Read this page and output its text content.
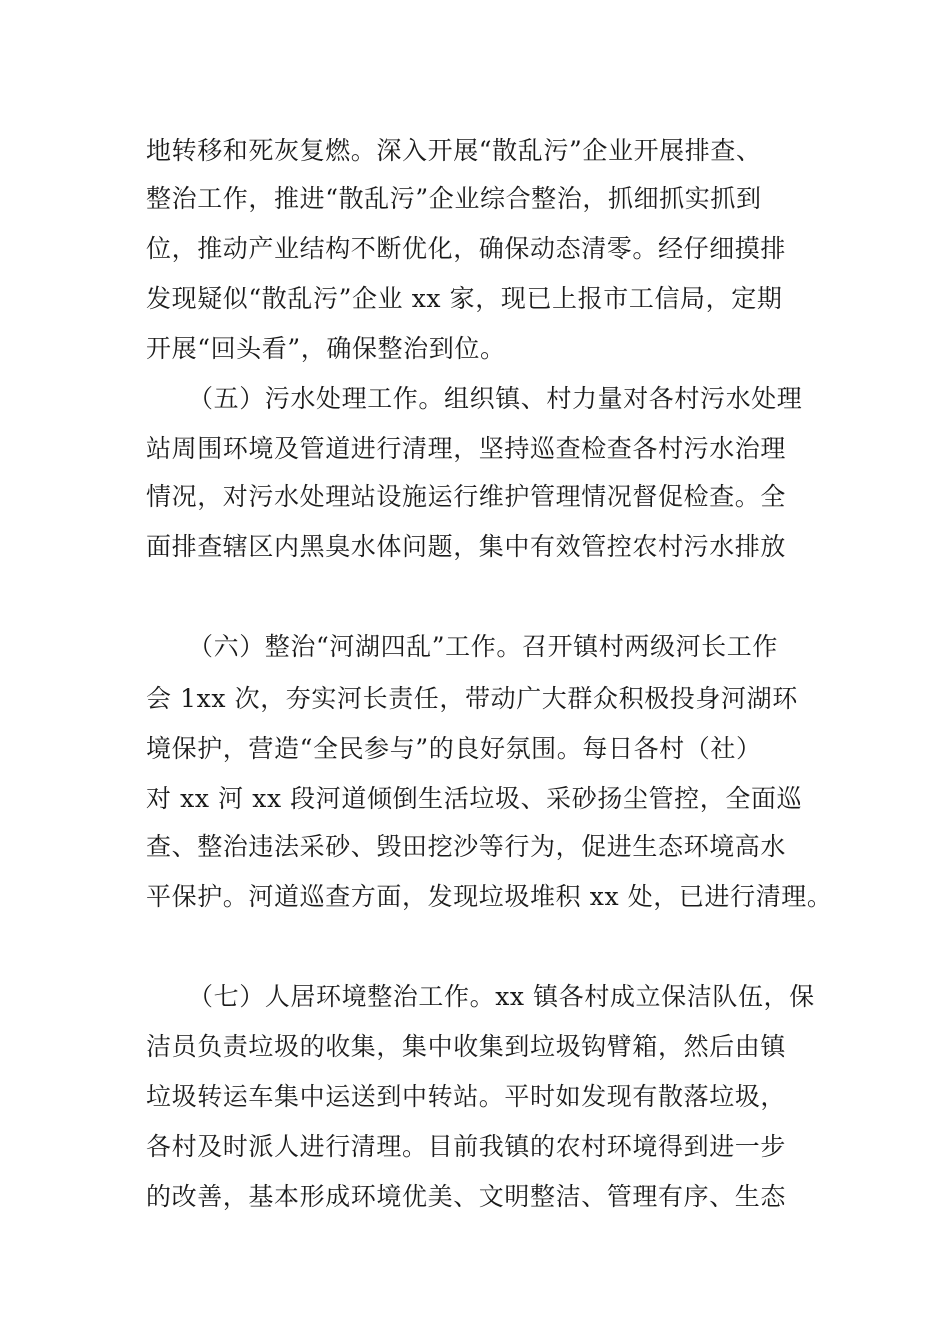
地转移和死灰复燃。深入开展“散乱污”企业开展排查、
整治工作，推进“散乱污”企业综合整治，抓细抓实抓到
位，推动产业结构不断优化，确保动态清零。经仔细摸排
发现疑似“散乱污”企业 xx 家，现已上报市工信局，定期
开展“回头看”，确保整治到位。
（五）污水处理工作。组织镇、村力量对各村污水处理
站周围环境及管道进行清理，坚持巡查检查各村污水治理
情况，对污水处理站设施运行维护管理情况督促检查。全
面排查辖区内黑臭水体问题，集中有效管控农村污水排放
（六）整治“河湖四乱”工作。召开镇村两级河长工作
会 1xx 次，夯实河长责任，带动广大群众积极投身河湖环
境保护，营造“全民参与”的良好氛围。每日各村（社）
对 xx 河 xx 段河道倾倒生活垃圾、采砂扬尘管控，全面巡
查、整治违法采砂、毁田挖沙等行为，促进生态环境高水
平保护。河道巡查方面，发现垃圾堆积 xx 处，已进行清理。
（七）人居环境整治工作。xx 镇各村成立保洁队伍，保
洁员负责垃圾的收集，集中收集到垃圾钩臂箱，然后由镇
垃圾转运车集中运送到中转站。平时如发现有散落垃圾，
各村及时派人进行清理。目前我镇的农村环境得到进一步
的改善，基本形成环境优美、文明整洁、管理有序、生态
